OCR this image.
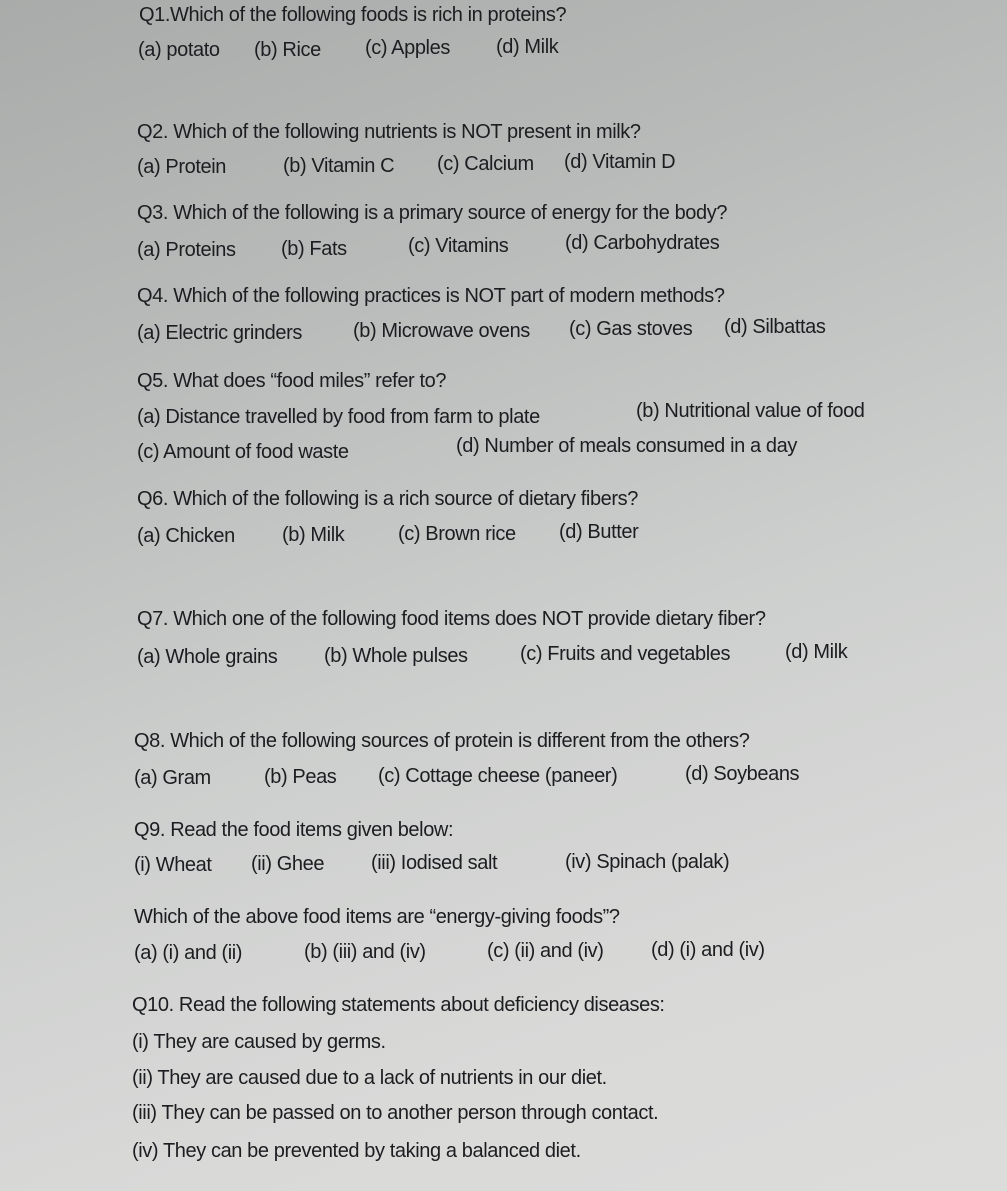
Q1.Which of the following foods is rich in proteins?
(a) potato (b) Rice (c) Apples (d) Milk
Q2. Which of the following nutrients is NOT present in milk?
(a) Protein	(b) Vitamin C (c) Calcium (d) Vitamin D
Q3. Which of the following is a primary source of energy for the body?
(a) Proteins (b) Fats	(c) Vitamins	(d) Carbohydrates
Q4. Which of the following practices is NOT part of modern methods?
(a) Electric grinders	(b) Microwave ovens (c) Gas stoves (d) Silbattas
Q5. What does “food miles” refer to?
(a) Distance travelled by food from farm to plate	(b) Nutritional value of food
(c) Amount of food waste	(d) Number of meals consumed in a day
Q6. Which of the following is a rich source of dietary fibers?
(a) Chicken (b) Milk	(c) Brown rice (d) Butter
Q7. Which one of the following food items does NOT provide dietary fiber?
(a) Whole grains (b) Whole pulses	(c) Fruits and vegetables	(d) Milk
Q8. Which of the following sources of protein is different from the others?
(a) Gram	(b) Peas (c) Cottage cheese (paneer)	(d) Soybeans
Q9. Read the food items given below:
(i) Wheat (ii) Ghee (iii) Iodised salt	(iv) Spinach (palak)
Which of the above food items are “energy-giving foods”?
(a) (i) and (ii)	(b) (iii) and (iv)	(c) (ii) and (iv) (d) (i) and (iv)
Q10. Read the following statements about deficiency diseases:
(i) They are caused by germs.
(ii) They are caused due to a lack of nutrients in our diet.
(iii) They can be passed on to another person through contact.
(iv) They can be prevented by taking a balanced diet.
